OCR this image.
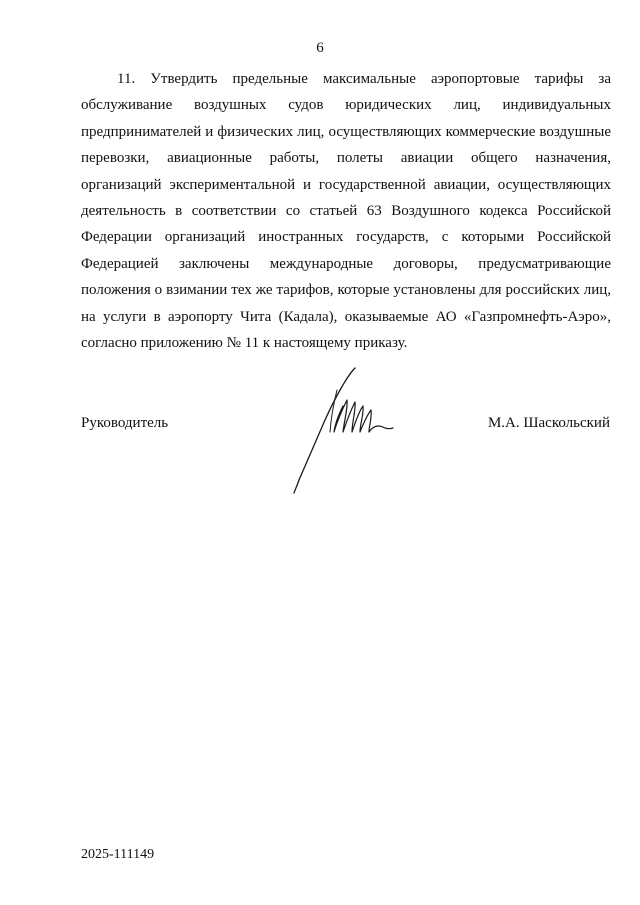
6

11. Утвердить предельные максимальные аэропортовые тарифы за обслуживание воздушных судов юридических лиц, индивидуальных предпринимателей и физических лиц, осуществляющих коммерческие воздушные перевозки, авиационные работы, полеты авиации общего назначения, организаций экспериментальной и государственной авиации, осуществляющих деятельность в соответствии со статьей 63 Воздушного кодекса Российской Федерации организаций иностранных государств, с которыми Российской Федерацией заключены международные договоры, предусматривающие положения о взимании тех же тарифов, которые установлены для российских лиц, на услуги в аэропорту Чита (Кадала), оказываемые АО «Газпромнефть-Аэро», согласно приложению № 11 к настоящему приказу.

Руководитель	М.А. Шаскольский
2025-111149
